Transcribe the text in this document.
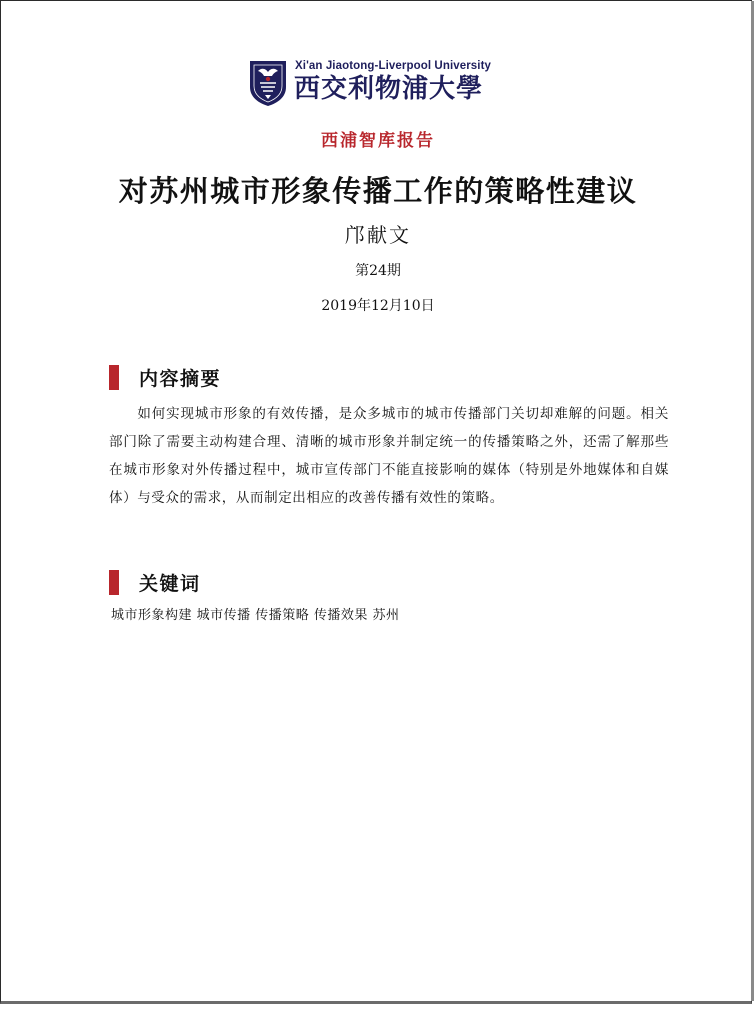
Xi'an Jiaotong-Liverpool University
西交利物浦大學
西浦智库报告
对苏州城市形象传播工作的策略性建议
邝献文
第24期
2019年12月10日
内容摘要

如何实现城市形象的有效传播，是众多城市的城市传播部门关切却难解的问题。相关部门除了需要主动构建合理、清晰的城市形象并制定统一的传播策略之外，还需了解那些在城市形象对外传播过程中，城市宣传部门不能直接影响的媒体（特别是外地媒体和自媒体）与受众的需求，从而制定出相应的改善传播有效性的策略。

关键词
城市形象构建 城市传播 传播策略 传播效果 苏州
